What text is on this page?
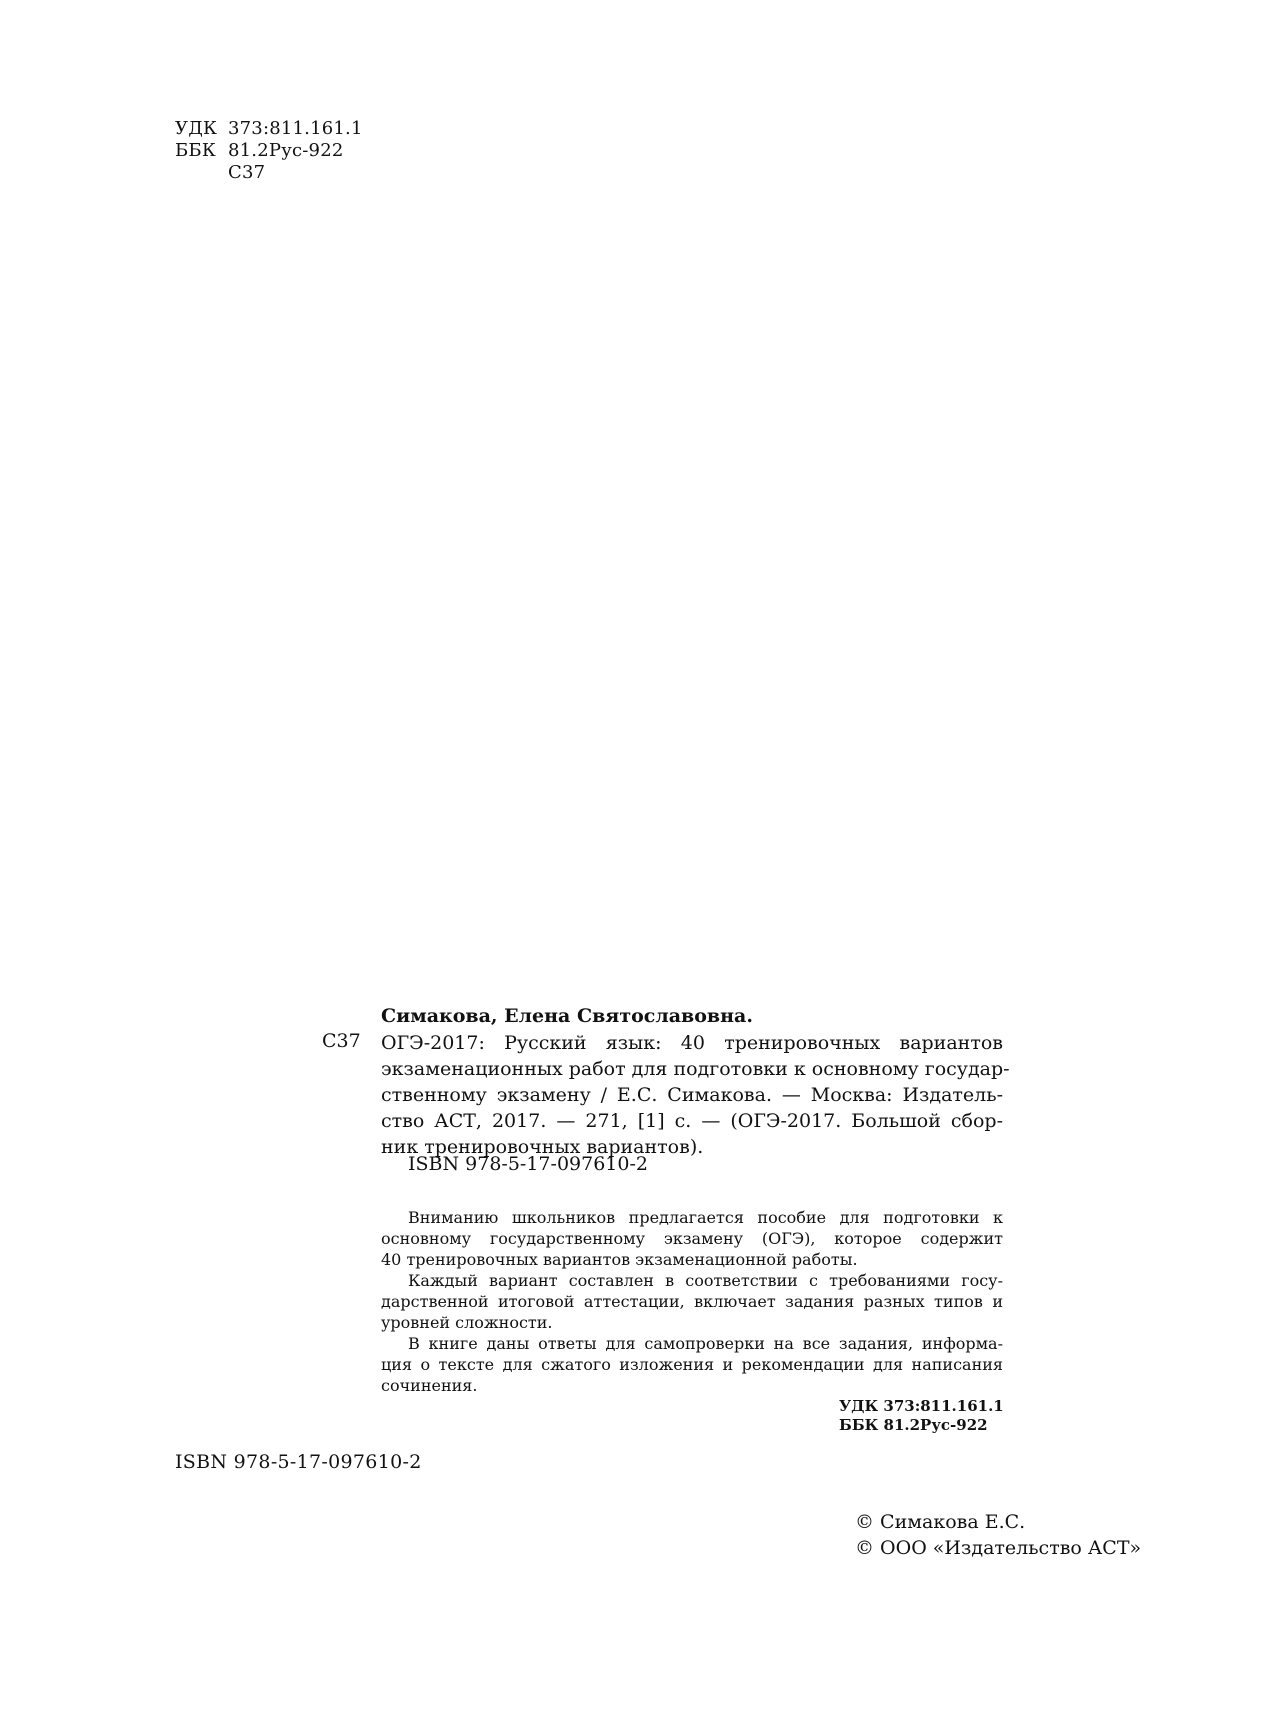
УДК 373:811.161.1
ББК 81.2Рус-922
С37
Симакова, Елена Святославовна.
С37 ОГЭ-2017: Русский язык: 40 тренировочных вариантов
экзаменационных работ для подготовки к основному государ-
ственному экзамену / Е.С. Симакова. — Москва: Издатель-
ство АСТ, 2017. — 271, [1] с. — (ОГЭ-2017. Большой сбор-
ник тренировочных вариантов).
ISBN 978-5-17-097610-2
Вниманию школьников предлагается пособие для подготовки к
основному государственному экзамену (ОГЭ), которое содержит
40 тренировочных вариантов экзаменационной работы.
Каждый вариант составлен в соответствии с требованиями госу-
дарственной итоговой аттестации, включает задания разных типов и
уровней сложности.
В книге даны ответы для самопроверки на все задания, информа-
ция о тексте для сжатого изложения и рекомендации для написания
сочинения.
УДК 373:811.161.1
ББК 81.2Рус-922
ISBN 978-5-17-097610-2
© Симакова Е.С.
© ООО «Издательство АСТ»
